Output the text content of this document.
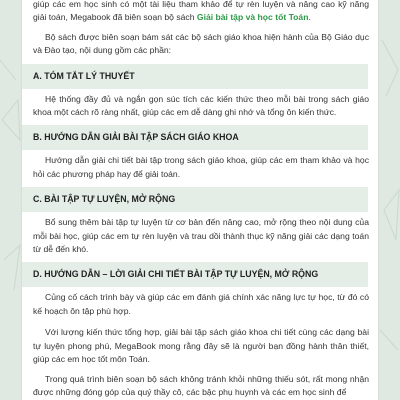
giúp các em học sinh có một tài liệu tham khảo để tự rèn luyện và nâng cao kỹ năng giải toán, Megabook đã biên soạn bộ sách Giải bài tập và học tốt Toán.

Bộ sách được biên soạn bám sát các bộ sách giáo khoa hiện hành của Bộ Giáo dục và Đào tạo, nội dung gồm các phần:

A. TÓM TẮT LÝ THUYẾT

Hệ thống đầy đủ và ngắn gọn súc tích các kiến thức theo mỗi bài trong sách giáo khoa một cách rõ ràng nhất, giúp các em dễ dàng ghi nhớ và tổng ôn kiến thức.

B. HƯỚNG DẪN GIẢI BÀI TẬP SÁCH GIÁO KHOA

Hướng dẫn giải chi tiết bài tập trong sách giáo khoa, giúp các em tham khảo và học hỏi các phương pháp hay để giải toán.

C. BÀI TẬP TỰ LUYỆN, MỞ RỘNG

Bổ sung thêm bài tập tự luyện từ cơ bản đến nâng cao, mở rộng theo nội dung của mỗi bài học, giúp các em tự rèn luyện và trau dồi thành thục kỹ năng giải các dạng toán từ dễ đến khó.

D. HƯỚNG DẪN – LỜI GIẢI CHI TIẾT BÀI TẬP TỰ LUYỆN, MỞ RỘNG

Củng cố cách trình bày và giúp các em đánh giá chính xác năng lực tự học, từ đó có kế hoạch ôn tập phù hợp.

Với lượng kiến thức tổng hợp, giải bài tập sách giáo khoa chi tiết cùng các dạng bài tự luyện phong phú, MegaBook mong rằng đây sẽ là người bạn đồng hành thân thiết, giúp các em học tốt môn Toán.

Trong quá trình biên soạn bộ sách không tránh khỏi những thiếu sót, rất mong nhận được những đóng góp của quý thầy cô, các bậc phụ huynh và các em học sinh để
